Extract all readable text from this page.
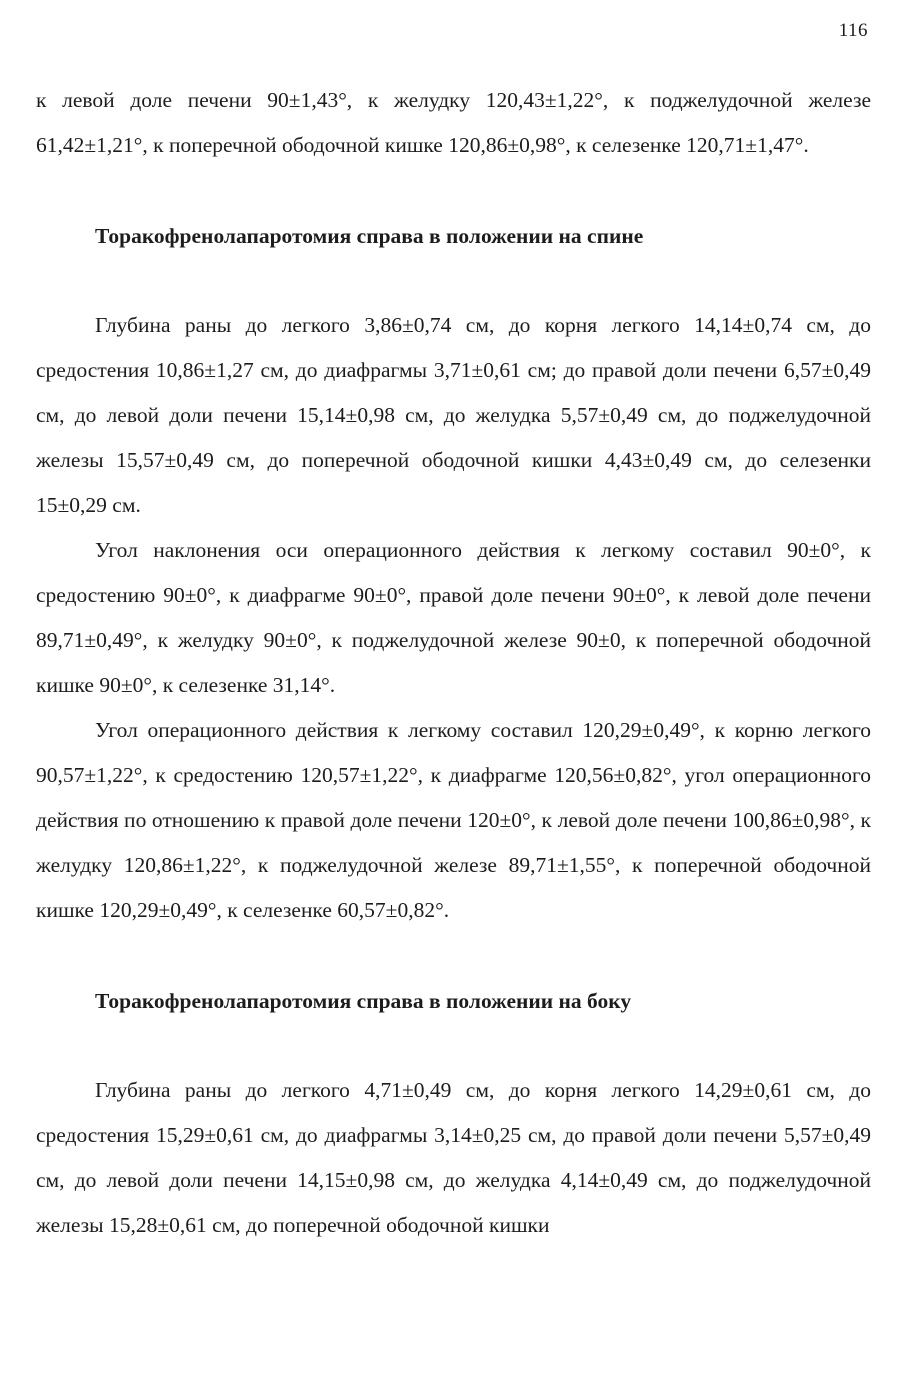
116

к левой доле печени 90±1,43°, к желудку 120,43±1,22°, к поджелудочной железе 61,42±1,21°, к поперечной ободочной кишке 120,86±0,98°, к селезенке 120,71±1,47°.

Торакофренолапаротомия справа в положении на спине

Глубина раны до легкого 3,86±0,74 см, до корня легкого 14,14±0,74 см, до средостения 10,86±1,27 см, до диафрагмы 3,71±0,61 см; до правой доли печени 6,57±0,49 см, до левой доли печени 15,14±0,98 см, до желудка 5,57±0,49 см, до поджелудочной железы 15,57±0,49 см, до поперечной ободочной кишки 4,43±0,49 см, до селезенки 15±0,29 см.

Угол наклонения оси операционного действия к легкому составил 90±0°, к средостению 90±0°, к диафрагме 90±0°, правой доле печени 90±0°, к левой доле печени 89,71±0,49°, к желудку 90±0°, к поджелудочной железе 90±0, к поперечной ободочной кишке 90±0°, к селезенке 31,14°.

Угол операционного действия к легкому составил 120,29±0,49°, к корню легкого 90,57±1,22°, к средостению 120,57±1,22°, к диафрагме 120,56±0,82°, угол операционного действия по отношению к правой доле печени 120±0°, к левой доле печени 100,86±0,98°, к желудку 120,86±1,22°, к поджелудочной железе 89,71±1,55°, к поперечной ободочной кишке 120,29±0,49°, к селезенке 60,57±0,82°.

Торакофренолапаротомия справа в положении на боку

Глубина раны до легкого 4,71±0,49 см, до корня легкого 14,29±0,61 см, до средостения 15,29±0,61 см, до диафрагмы 3,14±0,25 см, до правой доли печени 5,57±0,49 см, до левой доли печени 14,15±0,98 см, до желудка 4,14±0,49 см, до поджелудочной железы 15,28±0,61 см, до поперечной ободочной кишки
